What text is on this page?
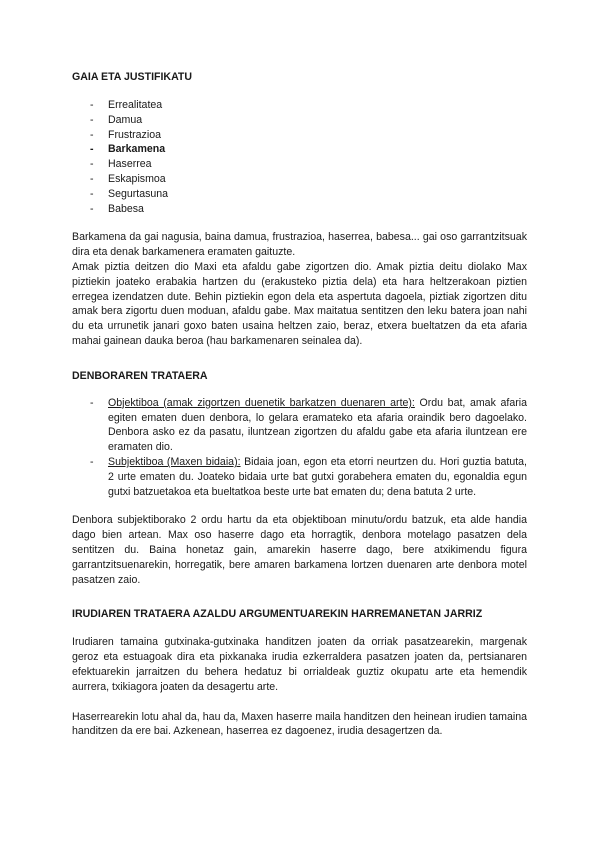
GAIA ETA JUSTIFIKATU
- Errealitatea
- Damua
- Frustrazioa
- Barkamena
- Haserrea
- Eskapismoa
- Segurtasuna
- Babesa

Barkamena da gai nagusia, baina damua, frustrazioa, haserrea, babesa... gai oso garrantzitsuak dira eta denak barkamenera eramaten gaituzte.

Amak piztia deitzen dio Maxi eta afaldu gabe zigortzen dio. Amak piztia deitu diolako Max piztiekin joateko erabakia hartzen du (erakusteko piztia dela) eta hara heltzerakoan piztien erregea izendatzen dute. Behin piztiekin egon dela eta aspertuta dagoela, piztiak zigortzen ditu amak bera zigortu duen moduan, afaldu gabe. Max maitatua sentitzen den leku batera joan nahi du eta urrunetik janari goxo baten usaina heltzen zaio, beraz, etxera bueltatzen da eta afaria mahai gainean dauka beroa (hau barkamenaren seinalea da).

DENBORAREN TRATAERA
- Objektiboa (amak zigortzen duenetik barkatzen duenaren arte): Ordu bat, amak afaria egiten ematen duen denbora, lo gelara eramateko eta afaria oraindik bero dagoelako. Denbora asko ez da pasatu, iluntzean zigortzen du afaldu gabe eta afaria iluntzean ere eramaten dio.
- Subjektiboa (Maxen bidaia): Bidaia joan, egon eta etorri neurtzen du. Hori guztia batuta, 2 urte ematen du. Joateko bidaia urte bat gutxi gorabehera ematen du, egonaldia egun gutxi batzuetakoa eta bueltatkoa beste urte bat ematen du; dena batuta 2 urte.

Denbora subjektiborako 2 ordu hartu da eta objektiboan minutu/ordu batzuk, eta alde handia dago bien artean. Max oso haserre dago eta horragtik, denbora motelago pasatzen dela sentitzen du. Baina honetaz gain, amarekin haserre dago, bere atxikimendu figura garrantzitsuenarekin, horregatik, bere amaren barkamena lortzen duenaren arte denbora motel pasatzen zaio.

IRUDIAREN TRATAERA AZALDU ARGUMENTUAREKIN HARREMANETAN JARRIZ

Irudiaren tamaina gutxinaka-gutxinaka handitzen joaten da orriak pasatzearekin, margenak geroz eta estuagoak dira eta pixkanaka irudia ezkerraldera pasatzen joaten da, pertsianaren efektuarekin jarraitzen du behera hedatuz bi orrialdeak guztiz okupatu arte eta hemendik aurrera, txikiagora joaten da desagertu arte.

Haserrearekin lotu ahal da, hau da, Maxen haserre maila handitzen den heinean irudien tamaina handitzen da ere bai. Azkenean, haserrea ez dagoenez, irudia desagertzen da.
